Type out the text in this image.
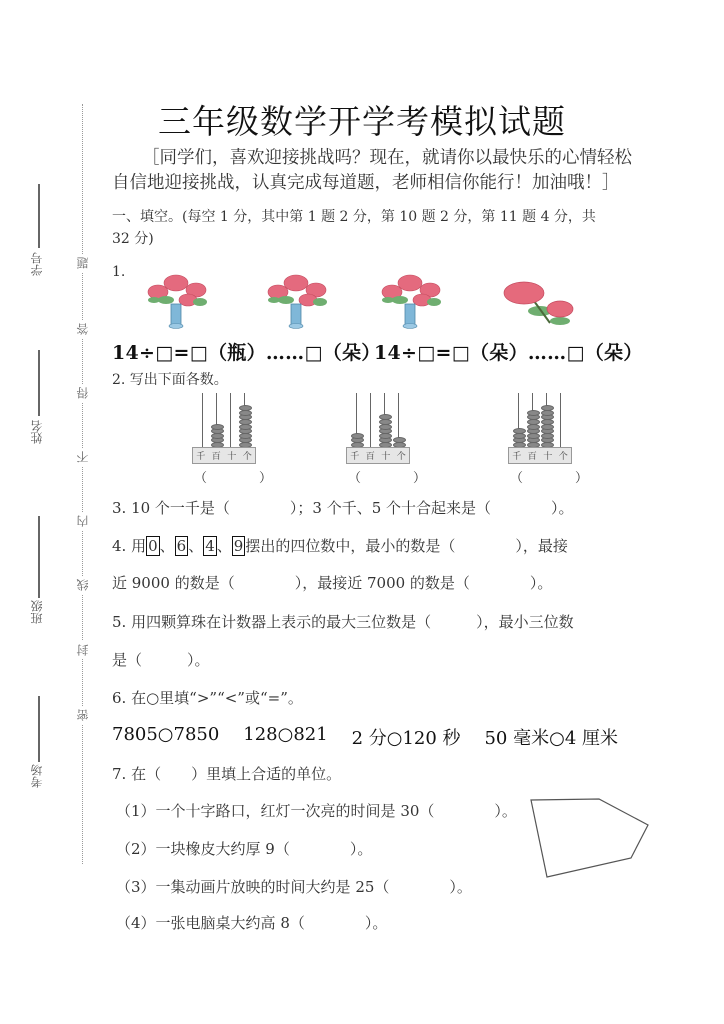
学号
姓名
班级
考场
题
答
得
不
内
线
封
密
三年级数学开学考模拟试题
［同学们，喜欢迎接挑战吗？现在，就请你以最快乐的心情轻松
自信地迎接挑战，认真完成每道题，老师相信你能行！加油哦！］
一、填空。(每空 1 分，其中第 1 题 2 分，第 10 题 2 分，第 11 题 4 分，共 32 分)
1.
14÷□=□（瓶）……□（朵）
14÷□=□（朵）……□（朵）
2. 写出下面各数。
千 百 十 个
（　　　　）
千 百 十 个
（　　　　）
千 百 十 个
（　　　　）
3. 10 个一千是（　　　　）；3 个千、5 个十合起来是（　　　　）。
4. 用 0 、 6 、 4 、 9 摆出的四位数中，最小的数是（　　　　），最接
近 9000 的数是（　　　　），最接近 7000 的数是（　　　　）。
5. 用四颗算珠在计数器上表示的最大三位数是（　　　），最小三位数
是（　　　）。
6. 在○里填“>”“<”或“=”。
7805○7850 128○821 2 分○120 秒 50 毫米○4 厘米
7. 在（　　）里填上合适的单位。
（1）一个十字路口，红灯一次亮的时间是 30（　　　　）。
（2）一块橡皮大约厚 9（　　　　）。
（3）一集动画片放映的时间大约是 25（　　　　）。
（4）一张电脑桌大约高 8（　　　　）。
